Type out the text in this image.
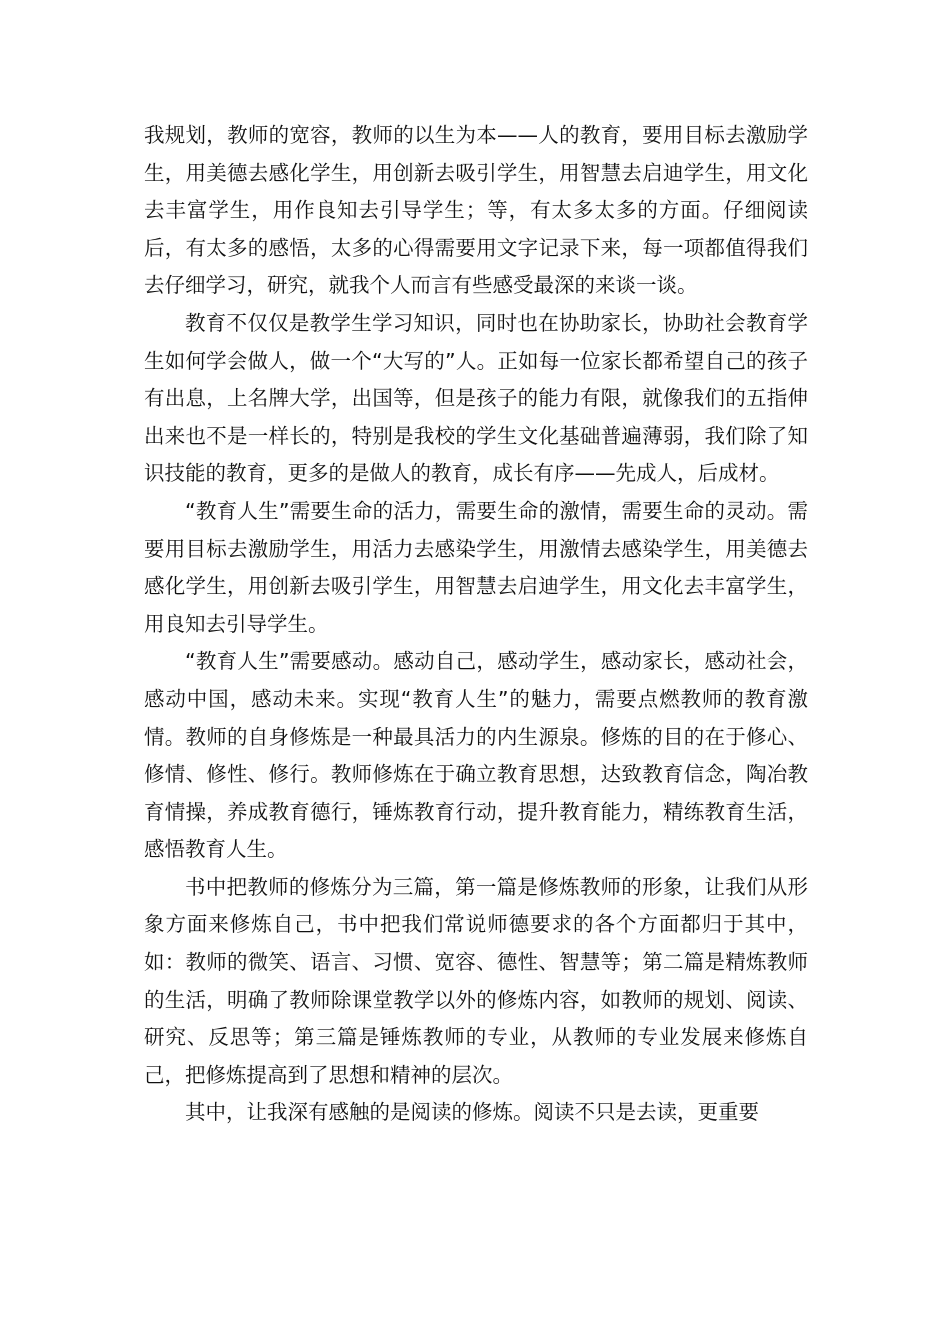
我规划，教师的宽容，教师的以生为本——人的教育，要用目标去激励学生，用美德去感化学生，用创新去吸引学生，用智慧去启迪学生，用文化去丰富学生，用作良知去引导学生；等，有太多太多的方面。仔细阅读后，有太多的感悟，太多的心得需要用文字记录下来，每一项都值得我们去仔细学习，研究，就我个人而言有些感受最深的来谈一谈。

教育不仅仅是教学生学习知识，同时也在协助家长，协助社会教育学生如何学会做人，做一个“大写的”人。正如每一位家长都希望自己的孩子有出息，上名牌大学，出国等，但是孩子的能力有限，就像我们的五指伸出来也不是一样长的，特别是我校的学生文化基础普遍薄弱，我们除了知识技能的教育，更多的是做人的教育，成长有序——先成人，后成材。

“教育人生”需要生命的活力，需要生命的激情，需要生命的灵动。需要用目标去激励学生，用活力去感染学生，用激情去感染学生，用美德去感化学生，用创新去吸引学生，用智慧去启迪学生，用文化去丰富学生，用良知去引导学生。

“教育人生”需要感动。感动自己，感动学生，感动家长，感动社会，感动中国，感动未来。实现“教育人生”的魅力，需要点燃教师的教育激情。教师的自身修炼是一种最具活力的内生源泉。修炼的目的在于修心、修情、修性、修行。教师修炼在于确立教育思想，达致教育信念，陶冶教育情操，养成教育德行，锤炼教育行动，提升教育能力，精练教育生活，感悟教育人生。

书中把教师的修炼分为三篇，第一篇是修炼教师的形象，让我们从形象方面来修炼自己，书中把我们常说师德要求的各个方面都归于其中，如：教师的微笑、语言、习惯、宽容、德性、智慧等；第二篇是精炼教师的生活，明确了教师除课堂教学以外的修炼内容，如教师的规划、阅读、研究、反思等；第三篇是锤炼教师的专业，从教师的专业发展来修炼自己，把修炼提高到了思想和精神的层次。

其中，让我深有感触的是阅读的修炼。阅读不只是去读，更重要
